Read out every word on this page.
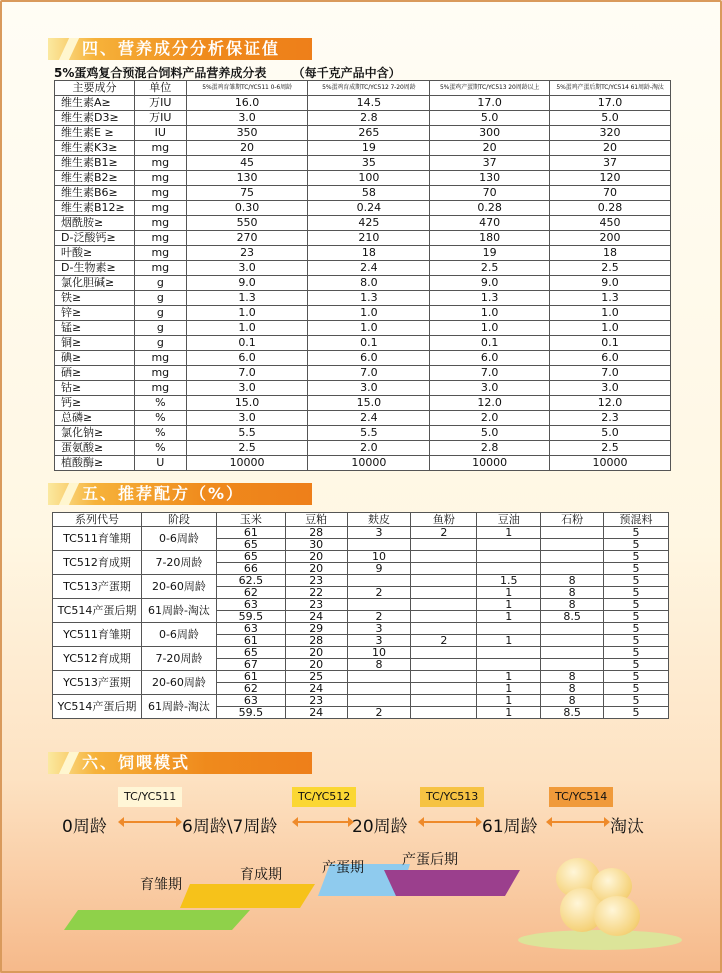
四、营养成分分析保证值
5%蛋鸡复合预混合饲料产品营养成分表 （每千克产品中含）
主要成分	单位	5%蛋鸡育雏期TC/YC511 0-6周龄	5%蛋鸡育成期TC/YC512 7-20周龄	5%蛋鸡产蛋期TC/YC513 20周龄以上	5%蛋鸡产蛋后期TC/YC514 61周龄-淘汰
维生素A≥	万IU	16.0	14.5	17.0	17.0
维生素D3≥	万IU	3.0	2.8	5.0	5.0
维生素E ≥	IU	350	265	300	320
维生素K3≥	mg	20	19	20	20
维生素B1≥	mg	45	35	37	37
维生素B2≥	mg	130	100	130	120
维生素B6≥	mg	75	58	70	70
维生素B12≥	mg	0.30	0.24	0.28	0.28
烟酰胺≥	mg	550	425	470	450
D-泛酸钙≥	mg	270	210	180	200
叶酸≥	mg	23	18	19	18
D-生物素≥	mg	3.0	2.4	2.5	2.5
氯化胆碱≥	g	9.0	8.0	9.0	9.0
铁≥	g	1.3	1.3	1.3	1.3
锌≥	g	1.0	1.0	1.0	1.0
锰≥	g	1.0	1.0	1.0	1.0
铜≥	g	0.1	0.1	0.1	0.1
碘≥	mg	6.0	6.0	6.0	6.0
硒≥	mg	7.0	7.0	7.0	7.0
钴≥	mg	3.0	3.0	3.0	3.0
钙≥	%	15.0	15.0	12.0	12.0
总磷≥	%	3.0	2.4	2.0	2.3
氯化钠≥	%	5.5	5.5	5.0	5.0
蛋氨酸≥	%	2.5	2.0	2.8	2.5
植酸酶≥	U	10000	10000	10000	10000
五、推荐配方（%）
系列代号	阶段	玉米	豆粕	麸皮	鱼粉	豆油	石粉	预混料
TC511育雏期	0-6周龄	61	28	3	2	1		5
		65	30					5
TC512育成期	7-20周龄	65	20	10				5
		66	20	9				5
TC513产蛋期	20-60周龄	62.5	23			1.5	8	5
		62	22	2		1	8	5
TC514产蛋后期	61周龄-淘汰	63	23			1	8	5
		59.5	24	2		1	8.5	5
YC511育雏期	0-6周龄	63	29	3				5
		61	28	3	2	1		5
YC512育成期	7-20周龄	65	20	10				5
		67	20	8				5
YC513产蛋期	20-60周龄	61	25			1	8	5
		62	24			1	8	5
YC514产蛋后期	61周龄-淘汰	63	23			1	8	5
		59.5	24	2		1	8.5	5
六、饲喂模式
TC/YC511	TC/YC512	TC/YC513	TC/YC514
0周龄	6周龄\7周龄	20周龄	61周龄	淘汰
育雏期
育成期	产蛋期	产蛋后期
